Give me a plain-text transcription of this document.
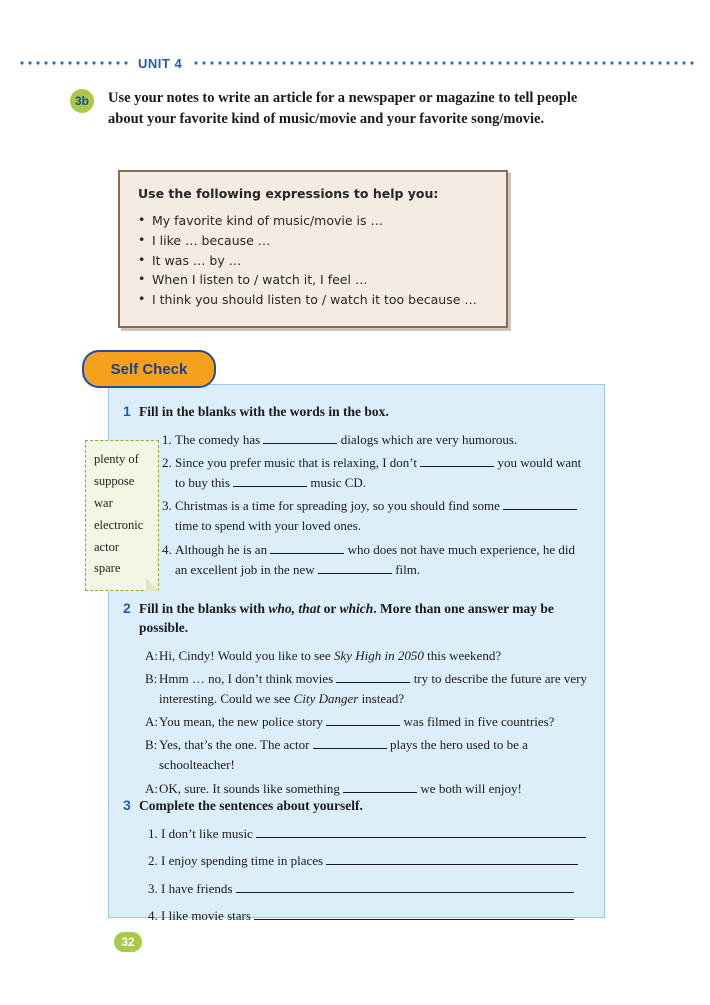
UNIT 4
3b	Use your notes to write an article for a newspaper or magazine to tell people about your favorite kind of music/movie and your favorite song/movie.
Use the following expressions to help you:
• My favorite kind of music/movie is …
• I like … because …
• It was … by …
• When I listen to / watch it, I feel …
• I think you should listen to / watch it too because …
Self Check
1 Fill in the blanks with the words in the box.
1. The comedy has	dialogs which are very humorous.
2. Since you prefer music that is relaxing, I don’t	you would want to buy this	music CD.
3. Christmas is a time for spreading joy, so you should find some  time to spend with your loved ones.
4. Although he is an	who does not have much experience, he did an excellent job in the new	film.
2 Fill in the blanks with who, that or which. More than one answer may be possible.

A: Hi, Cindy! Would you like to see Sky High in 2050 this weekend?

B: Hmm … no, I don’t think movies	try to describe the future are very interesting. Could we see City Danger instead?

A: You mean, the new police story	was filmed in five countries?

B: Yes, that’s the one. The actor	plays the hero used to be a schoolteacher!

A: OK, sure. It sounds like something	we both will enjoy!

3 Complete the sentences about yourself.
1. I don’t like music
2. I enjoy spending time in places
3. I have friends
4. I like movie stars
plenty of
suppose
war
electronic
actor
spare
32
